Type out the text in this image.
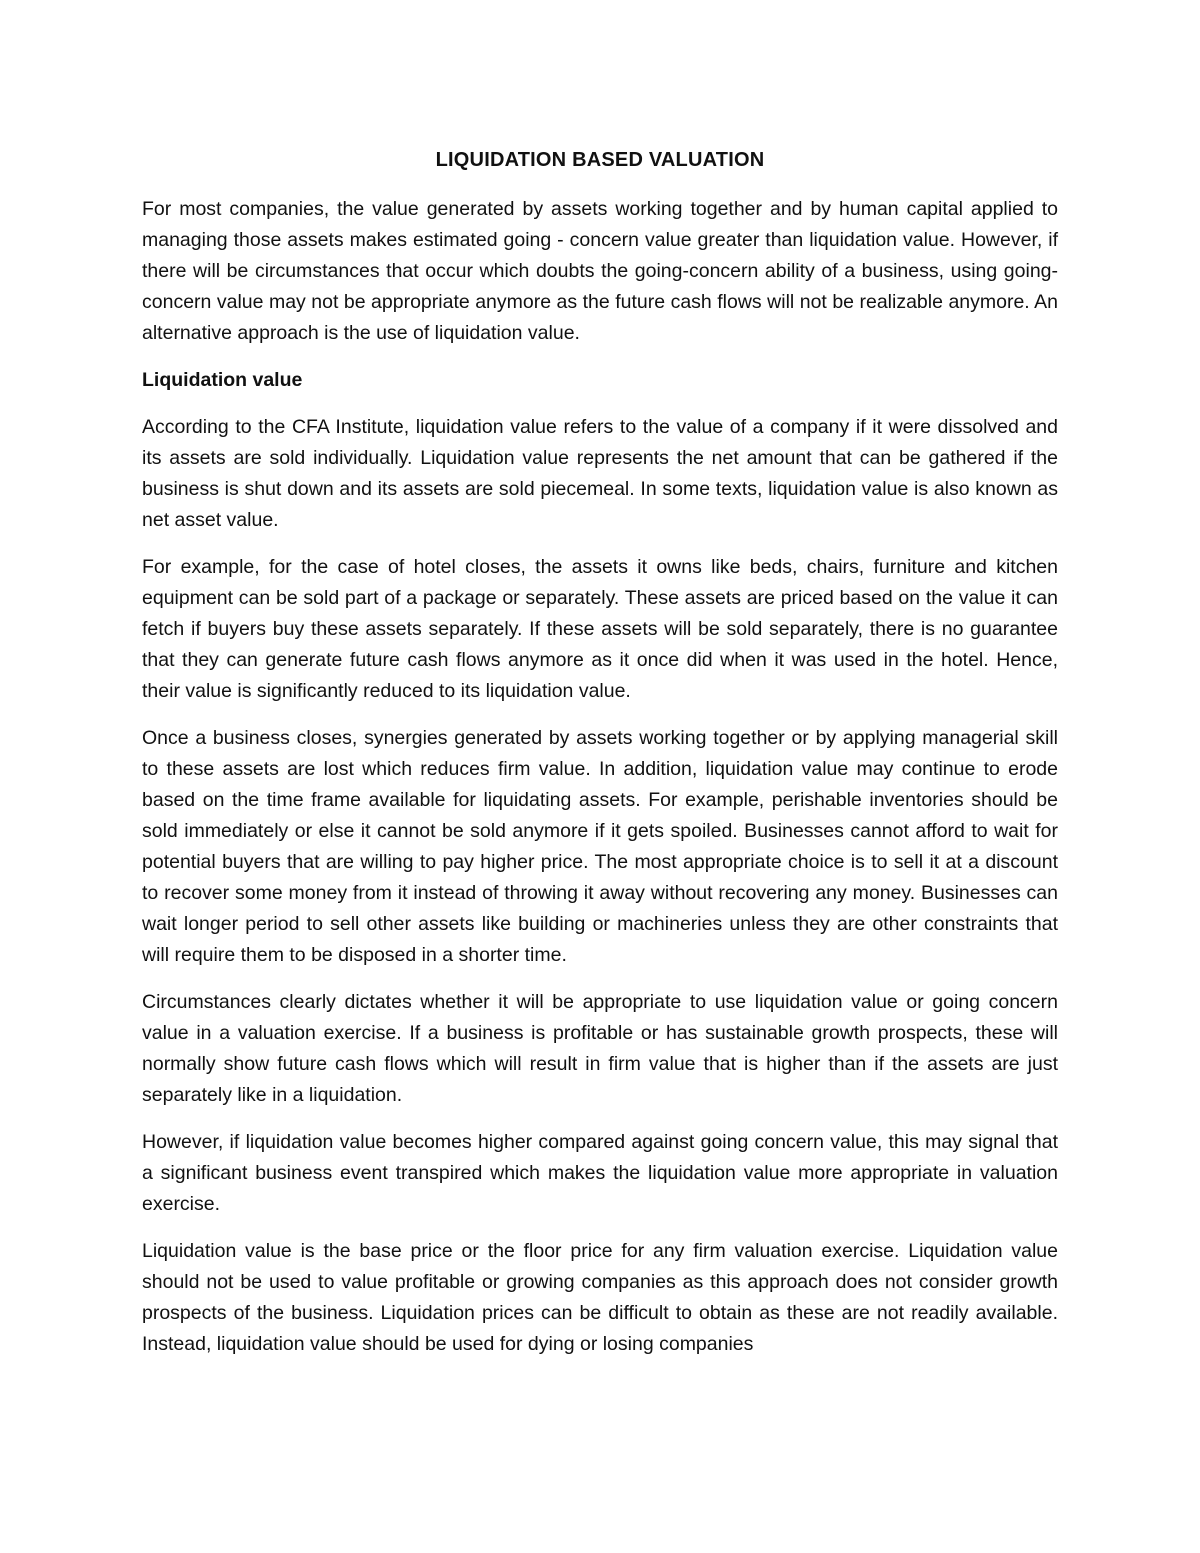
LIQUIDATION BASED VALUATION

For most companies, the value generated by assets working together and by human capital applied to managing those assets makes estimated going - concern value greater than liquidation value. However, if there will be circumstances that occur which doubts the going-concern ability of a business, using going-concern value may not be appropriate anymore as the future cash flows will not be realizable anymore. An alternative approach is the use of liquidation value.

Liquidation value

According to the CFA Institute, liquidation value refers to the value of a company if it were dissolved and its assets are sold individually. Liquidation value represents the net amount that can be gathered if the business is shut down and its assets are sold piecemeal. In some texts, liquidation value is also known as net asset value.

For example, for the case of hotel closes, the assets it owns like beds, chairs, furniture and kitchen equipment can be sold part of a package or separately. These assets are priced based on the value it can fetch if buyers buy these assets separately. If these assets will be sold separately, there is no guarantee that they can generate future cash flows anymore as it once did when it was used in the hotel. Hence, their value is significantly reduced to its liquidation value.

Once a business closes, synergies generated by assets working together or by applying managerial skill to these assets are lost which reduces firm value. In addition, liquidation value may continue to erode based on the time frame available for liquidating assets. For example, perishable inventories should be sold immediately or else it cannot be sold anymore if it gets spoiled. Businesses cannot afford to wait for potential buyers that are willing to pay higher price. The most appropriate choice is to sell it at a discount to recover some money from it instead of throwing it away without recovering any money. Businesses can wait longer period to sell other assets like building or machineries unless they are other constraints that will require them to be disposed in a shorter time.

Circumstances clearly dictates whether it will be appropriate to use liquidation value or going concern value in a valuation exercise. If a business is profitable or has sustainable growth prospects, these will normally show future cash flows which will result in firm value that is higher than if the assets are just separately like in a liquidation.

However, if liquidation value becomes higher compared against going concern value, this may signal that a significant business event transpired which makes the liquidation value more appropriate in valuation exercise.

Liquidation value is the base price or the floor price for any firm valuation exercise. Liquidation value should not be used to value profitable or growing companies as this approach does not consider growth prospects of the business. Liquidation prices can be difficult to obtain as these are not readily available. Instead, liquidation value should be used for dying or losing companies
